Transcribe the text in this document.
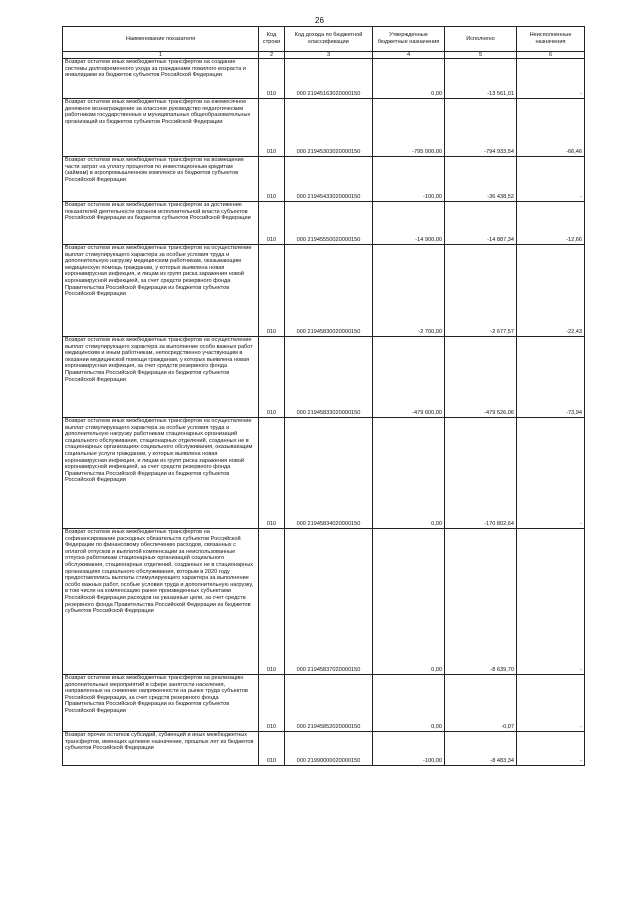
26
Наименование показателя	Код строки	Код дохода по бюджетной классификации	Утвержденные бюджетные назначения	Исполнено	Неисполненные назначения
1	2	3	4	5	6
Возврат остатков иных межбюджетных трансфертов на создание системы долговременного ухода за гражданами пожилого возраста и инвалидами из бюджетов субъектов Российской Федерации	010	000 21945163020000150	0,00	-13 561,01	-
Возврат остатков иных межбюджетных трансфертов на ежемесячное денежное вознаграждение за классное руководство педагогическим работникам государственных и муниципальных общеобразовательных организаций из бюджетов субъектов Российской Федерации	010	000 21945303020000150	-795 000,00	-794 933,54	-66,46
Возврат остатков иных межбюджетных трансфертов на возмещение части затрат на уплату процентов по инвестиционным кредитам (займам) в агропромышленном комплексе из бюджетов субъектов Российской Федерации	010	000 21945433020000150	-100,00	-36 438,52	-
Возврат остатков иных межбюджетных трансфертов за достижение показателей деятельности органов исполнительной власти субъектов Российской Федерации из бюджетов субъектов Российской Федерации	010	000 21945550020000150	-14 900,00	-14 887,34	-12,66
Возврат остатков иных межбюджетных трансфертов на осуществление выплат стимулирующего характера за особые условия труда и дополнительную нагрузку медицинским работникам, оказывающим медицинскую помощь гражданам, у которых выявлена новая коронавирусная инфекция, и лицам из групп риска заражения новой коронавирусной инфекцией, за счет средств резервного фонда Правительства Российской Федерации из бюджетов субъектов Российской Федерации	010	000 21945830020000150	-2 700,00	-2 677,57	-22,43
Возврат остатков иных межбюджетных трансфертов на осуществление выплат стимулирующего характера за выполнение особо важных работ медицинским и иным работникам, непосредственно участвующим в оказании медицинской помощи гражданам, у которых выявлена новая коронавирусная инфекция, за счет средств резервного фонда Правительства Российской Федерации из бюджетов субъектов Российской Федерации	010	000 21945833020000150	-479 600,00	-479 526,06	-73,94
Возврат остатков иных межбюджетных трансфертов на осуществление выплат стимулирующего характера за особые условия труда и дополнительную нагрузку работникам стационарных организаций социального обслуживания, стационарных отделений, созданных не в стационарных организациях социального обслуживания, оказывающим социальные услуги гражданам, у которых выявлена новая коронавирусная инфекция, и лицам из групп риска заражения новой коронавирусной инфекцией, за счет средств резервного фонда Правительства Российской Федерации из бюджетов субъектов Российской Федерации	010	000 21945834020000150	0,00	-170 802,64	-
Возврат остатков иных межбюджетных трансфертов на софинансирование расходных обязательств субъектов Российской Федерации по финансовому обеспечению расходов, связанных с оплатой отпусков и выплатой компенсации за неиспользованные отпуска работникам стационарных организаций социального обслуживания, стационарных отделений, созданных не в стационарных организациях социального обслуживания, которым в 2020 году предоставлялись выплаты стимулирующего характера за выполнение особо важных работ, особые условия труда и дополнительную нагрузку, в том числе на компенсацию ранее произведенных субъектами Российской Федерации расходов на указанные цели, за счет средств резервного фонда Правительства Российской Федерации из бюджетов субъектов Российской Федерации	010	000 21945837020000150	0,00	-8 639,70	-
Возврат остатков иных межбюджетных трансфертов на реализацию дополнительных мероприятий в сфере занятости населения, направленных на снижение напряженности на рынке труда субъектов Российской Федерации, за счет средств резервного фонда Правительства Российской Федерации из бюджетов субъектов Российской Федерации	010	000 21945852020000150	0,00	-0,07	-
Возврат прочих остатков субсидий, субвенций и иных межбюджетных трансфертов, имеющих целевое назначение, прошлых лет из бюджетов субъектов Российской Федерации	010	000 21990000020000150	-100,00	-8 483,34	-
